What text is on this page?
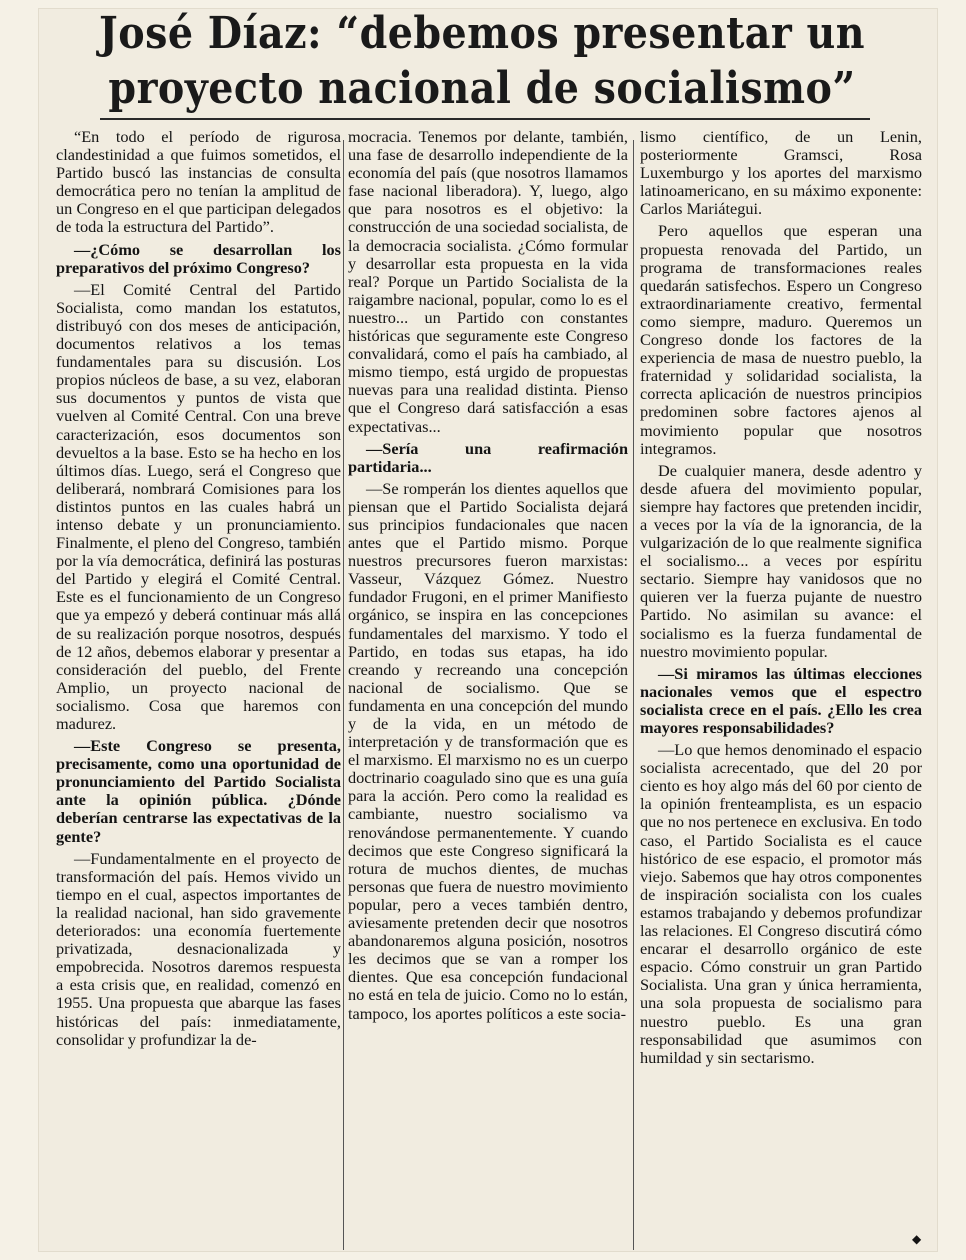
José Díaz: “debemos presentar un
proyecto nacional de socialismo”

“En todo el período de rigurosa clandestinidad a que fuimos sometidos, el Partido buscó las instancias de consulta democrática pero no tenían la amplitud de un Congreso en el que participan delegados de toda la estructura del Partido”.

—¿Cómo se desarrollan los preparativos del próximo Congreso?

—El Comité Central del Partido Socialista, como mandan los estatutos, distribuyó con dos meses de anticipación, documentos relativos a los temas fundamentales para su discusión. Los propios núcleos de base, a su vez, elaboran sus documentos y puntos de vista que vuelven al Comité Central. Con una breve caracterización, esos documentos son devueltos a la base. Esto se ha hecho en los últimos días. Luego, será el Congreso que deliberará, nombrará Comisiones para los distintos puntos en las cuales habrá un intenso debate y un pronunciamiento. Finalmente, el pleno del Congreso, también por la vía democrática, definirá las posturas del Partido y elegirá el Comité Central. Este es el funcionamiento de un Congreso que ya empezó y deberá continuar más allá de su realización porque nosotros, después de 12 años, debemos elaborar y presentar a consideración del pueblo, del Frente Amplio, un proyecto nacional de socialismo. Cosa que haremos con madurez.

—Este Congreso se presenta, precisamente, como una oportunidad de pronunciamiento del Partido Socialista ante la opinión pública. ¿Dónde deberían centrarse las expectativas de la gente?

—Fundamentalmente en el proyecto de transformación del país. Hemos vivido un tiempo en el cual, aspectos importantes de la realidad nacional, han sido gravemente deteriorados: una economía fuertemente privatizada, desnacionalizada y empobrecida. Nosotros daremos respuesta a esta crisis que, en realidad, comenzó en 1955. Una propuesta que abarque las fases históricas del país: inmediatamente, consolidar y profundizar la de-

mocracia. Tenemos por delante, también, una fase de desarrollo independiente de la economía del país (que nosotros llamamos fase nacional liberadora). Y, luego, algo que para nosotros es el objetivo: la construcción de una sociedad socialista, de la democracia socialista. ¿Cómo formular y desarrollar esta propuesta en la vida real? Porque un Partido Socialista de la raigambre nacional, popular, como lo es el nuestro... un Partido con constantes históricas que seguramente este Congreso convalidará, como el país ha cambiado, al mismo tiempo, está urgido de propuestas nuevas para una realidad distinta. Pienso que el Congreso dará satisfacción a esas expectativas...

—Sería una reafirmación partidaria...

—Se romperán los dientes aquellos que piensan que el Partido Socialista dejará sus principios fundacionales que nacen antes que el Partido mismo. Porque nuestros precursores fueron marxistas: Vasseur, Vázquez Gómez. Nuestro fundador Frugoni, en el primer Manifiesto orgánico, se inspira en las concepciones fundamentales del marxismo. Y todo el Partido, en todas sus etapas, ha ido creando y recreando una concepción nacional de socialismo. Que se fundamenta en una concepción del mundo y de la vida, en un método de interpretación y de transformación que es el marxismo. El marxismo no es un cuerpo doctrinario coagulado sino que es una guía para la acción. Pero como la realidad es cambiante, nuestro socialismo va renovándose permanentemente. Y cuando decimos que este Congreso significará la rotura de muchos dientes, de muchas personas que fuera de nuestro movimiento popular, pero a veces también dentro, aviesamente pretenden decir que nosotros abandonaremos alguna posición, nosotros les decimos que se van a romper los dientes. Que esa concepción fundacional no está en tela de juicio. Como no lo están, tampoco, los aportes políticos a este socia-

lismo científico, de un Lenin, posteriormente Gramsci, Rosa Luxemburgo y los aportes del marxismo latinoamericano, en su máximo exponente: Carlos Mariátegui.

Pero aquellos que esperan una propuesta renovada del Partido, un programa de transformaciones reales quedarán satisfechos. Espero un Congreso extraordinariamente creativo, fermental como siempre, maduro. Queremos un Congreso donde los factores de la experiencia de masa de nuestro pueblo, la fraternidad y solidaridad socialista, la correcta aplicación de nuestros principios predominen sobre factores ajenos al movimiento popular que nosotros integramos.

De cualquier manera, desde adentro y desde afuera del movimiento popular, siempre hay factores que pretenden incidir, a veces por la vía de la ignorancia, de la vulgarización de lo que realmente significa el socialismo... a veces por espíritu sectario. Siempre hay vanidosos que no quieren ver la fuerza pujante de nuestro Partido. No asimilan su avance: el socialismo es la fuerza fundamental de nuestro movimiento popular.

—Si miramos las últimas elecciones nacionales vemos que el espectro socialista crece en el país. ¿Ello les crea mayores responsabilidades?

—Lo que hemos denominado el espacio socialista acrecentado, que del 20 por ciento es hoy algo más del 60 por ciento de la opinión frenteamplista, es un espacio que no nos pertenece en exclusiva. En todo caso, el Partido Socialista es el cauce histórico de ese espacio, el promotor más viejo. Sabemos que hay otros componentes de inspiración socialista con los cuales estamos trabajando y debemos profundizar las relaciones. El Congreso discutirá cómo encarar el desarrollo orgánico de este espacio. Cómo construir un gran Partido Socialista. Una gran y única herramienta, una sola propuesta de socialismo para nuestro pueblo. Es una gran responsabilidad que asumimos con humildad y sin sectarismo.

◆
